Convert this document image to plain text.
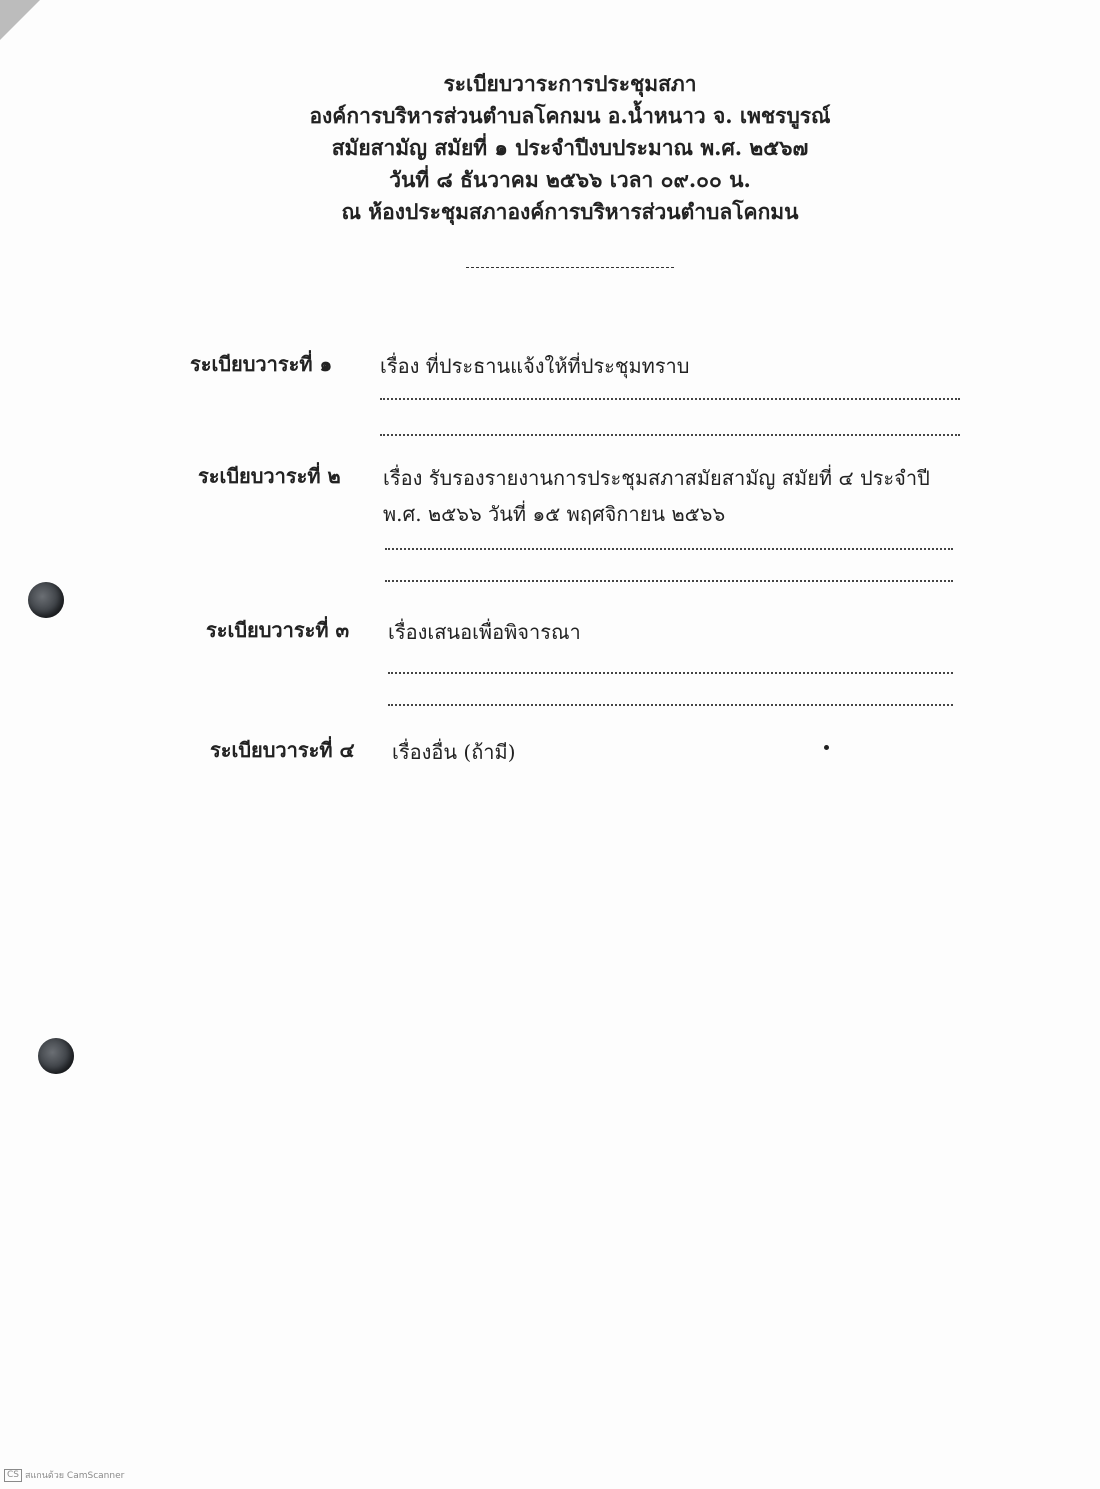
ระเบียบวาระการประชุมสภา
องค์การบริหารส่วนตำบลโคกมน อ.น้ำหนาว จ. เพชรบูรณ์
สมัยสามัญ สมัยที่ ๑ ประจำปีงบประมาณ พ.ศ. ๒๕๖๗
วันที่ ๘ ธันวาคม ๒๕๖๖ เวลา ๐๙.๐๐ น.
ณ ห้องประชุมสภาองค์การบริหารส่วนตำบลโคกมน
ระเบียบวาระที่ ๑ เรื่อง ที่ประธานแจ้งให้ที่ประชุมทราบ
ระเบียบวาระที่ ๒ เรื่อง รับรองรายงานการประชุมสภาสมัยสามัญ สมัยที่ ๔ ประจำปี พ.ศ. ๒๕๖๖ วันที่ ๑๕ พฤศจิกายน ๒๕๖๖
ระเบียบวาระที่ ๓ เรื่องเสนอเพื่อพิจารณา
ระเบียบวาระที่ ๔ เรื่องอื่น (ถ้ามี)
CS สแกนด้วย CamScanner
